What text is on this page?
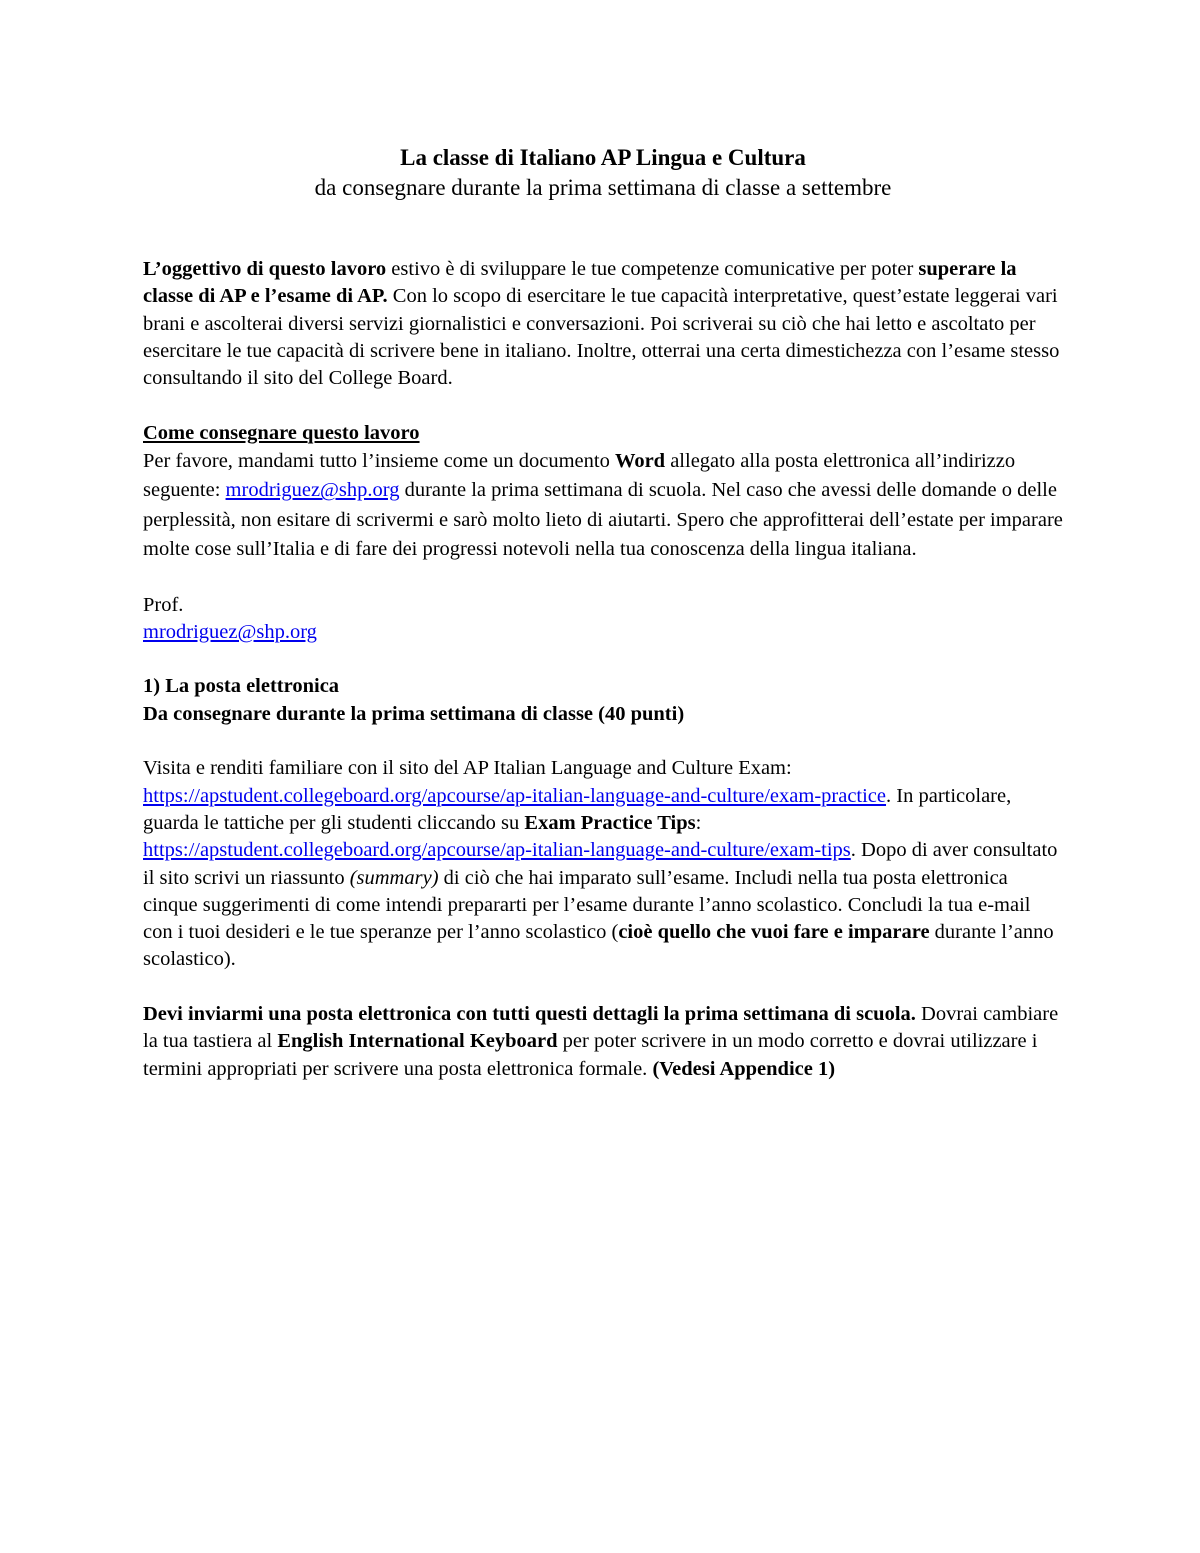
La classe di Italiano AP Lingua e Cultura
da consegnare durante la prima settimana di classe a settembre

L’oggettivo di questo lavoro estivo è di sviluppare le tue competenze comunicative per poter superare la classe di AP e l’esame di AP. Con lo scopo di esercitare le tue capacità interpretative, quest’estate leggerai vari brani e ascolterai diversi servizi giornalistici e conversazioni. Poi scriverai su ciò che hai letto e ascoltato per esercitare le tue capacità di scrivere bene in italiano. Inoltre, otterrai una certa dimestichezza con l’esame stesso consultando il sito del College Board.

Come consegnare questo lavoro

Per favore, mandami tutto l’insieme come un documento Word allegato alla posta elettronica all’indirizzo seguente: mrodriguez@shp.org durante la prima settimana di scuola. Nel caso che avessi delle domande o delle perplessità, non esitare di scrivermi e sarò molto lieto di aiutarti. Spero che approfitterai dell’estate per imparare molte cose sull’Italia e di fare dei progressi notevoli nella tua conoscenza della lingua italiana.

Prof.

mrodriguez@shp.org

1) La posta elettronica

Da consegnare durante la prima settimana di classe (40 punti)

Visita e renditi familiare con il sito del AP Italian Language and Culture Exam: https://apstudent.collegeboard.org/apcourse/ap-italian-language-and-culture/exam-practice. In particolare, guarda le tattiche per gli studenti cliccando su Exam Practice Tips: https://apstudent.collegeboard.org/apcourse/ap-italian-language-and-culture/exam-tips. Dopo di aver consultato il sito scrivi un riassunto (summary) di ciò che hai imparato sull’esame. Includi nella tua posta elettronica cinque suggerimenti di come intendi prepararti per l’esame durante l’anno scolastico. Concludi la tua e-mail con i tuoi desideri e le tue speranze per l’anno scolastico (cioè quello che vuoi fare e imparare durante l’anno scolastico).

Devi inviarmi una posta elettronica con tutti questi dettagli la prima settimana di scuola. Dovrai cambiare la tua tastiera al English International Keyboard per poter scrivere in un modo corretto e dovrai utilizzare i termini appropriati per scrivere una posta elettronica formale. (Vedesi Appendice 1)
